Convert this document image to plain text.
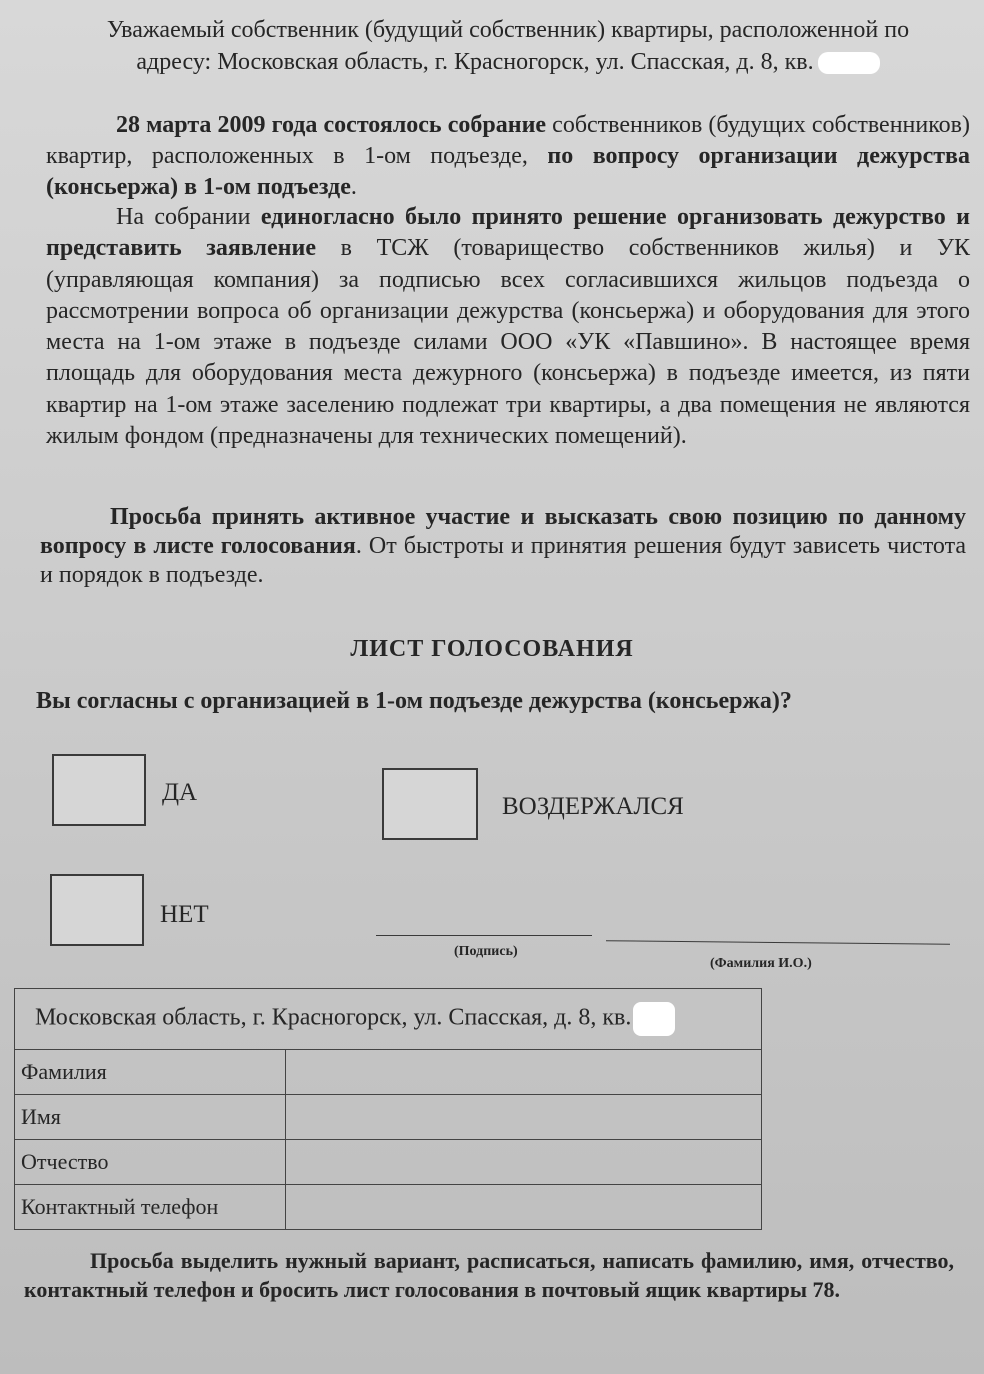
Уважаемый собственник (будущий собственник) квартиры, расположенной по
адресу: Московская область, г. Красногорск, ул. Спасская, д. 8, кв.

28 марта 2009 года состоялось собрание собственников (будущих собственников) квартир, расположенных в 1-ом подъезде, по вопросу организации дежурства (консьержа) в 1-ом подъезде.

На собрании единогласно было принято решение организовать дежурство и представить заявление в ТСЖ (товарищество собственников жилья) и УК (управляющая компания) за подписью всех согласившихся жильцов подъезда о рассмотрении вопроса об организации дежурства (консьержа) и оборудования для этого места на 1-ом этаже в подъезде силами ООО «УК «Павшино». В настоящее время площадь для оборудования места дежурного (консьержа) в подъезде имеется, из пяти квартир на 1-ом этаже заселению подлежат три квартиры, а два помещения не являются жилым фондом (предназначены для технических помещений).

Просьба принять активное участие и высказать свою позицию по данному вопросу в листе голосования. От быстроты и принятия решения будут зависеть чистота и порядок в подъезде.

ЛИСТ ГОЛОСОВАНИЯ
Вы согласны с организацией в 1-ом подъезде дежурства (консьержа)?
ДА
ВОЗДЕРЖАЛСЯ
НЕТ
(Подпись)
(Фамилия И.О.)
Московская область, г. Красногорск, ул. Спасская, д. 8, кв.	
Фамилия	
Имя	
Отчество	
Контактный телефон	

Просьба выделить нужный вариант, расписаться, написать фамилию, имя, отчество, контактный телефон и бросить лист голосования в почтовый ящик квартиры 78.
